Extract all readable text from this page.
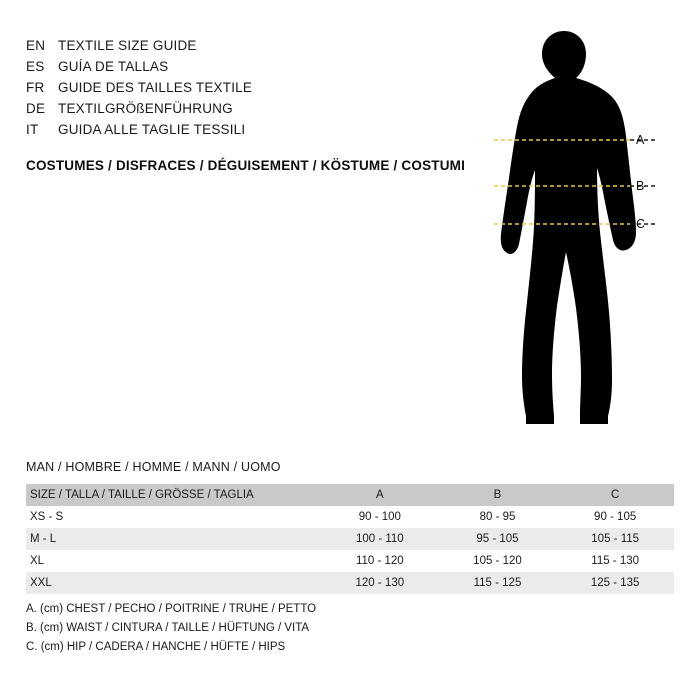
EN TEXTILE SIZE GUIDE
ES	GUÍA DE TALLAS
FR	GUIDE DES TAILLES TEXTILE
DE TEXTILGRÖßENFÜHRUNG
IT	GUIDA ALLE TAGLIE TESSILI
COSTUMES / DISFRACES / DÉGUISEMENT / KÖSTUME / COSTUMI
A
B
C
MAN / HOMBRE / HOMME / MANN / UOMO
SIZE / TALLA / TAILLE / GRÖSSE / TAGLIA	A	B	C
XS - S	90 - 100	80 - 95	90 - 105
M - L	100 - 110	95 - 105	105 - 115
XL	110 - 120	105 - 120	115 - 130
XXL	120 - 130	115 - 125	125 - 135
A. (cm) CHEST / PECHO / POITRINE / TRUHE / PETTO
B. (cm) WAIST / CINTURA / TAILLE / HÜFTUNG / VITA
C. (cm) HIP / CADERA / HANCHE / HÜFTE / HIPS
